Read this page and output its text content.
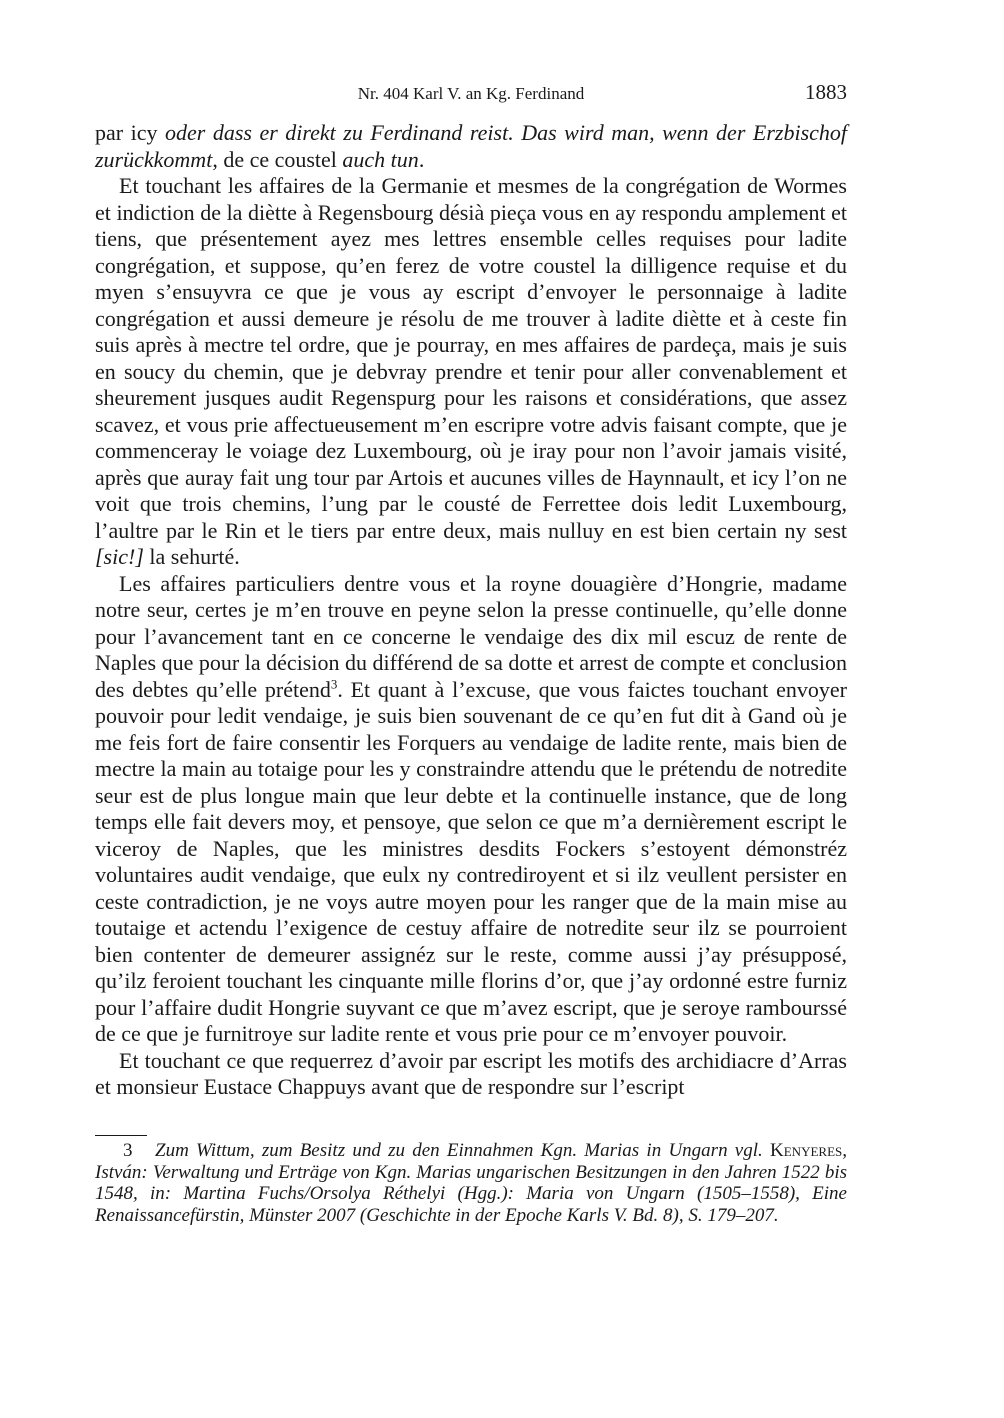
Nr. 404 Karl V. an Kg. Ferdinand	1883

par icy oder dass er direkt zu Ferdinand reist. Das wird man, wenn der Erzbischof zurückkommt, de ce coustel auch tun.

Et touchant les affaires de la Germanie et mesmes de la congrégation de Wormes et indiction de la diètte à Regensbourg désià pieça vous en ay respondu amplement et tiens, que présentement ayez mes lettres ensemble celles requises pour ladite congrégation, et suppose, qu’en ferez de votre coustel la dilligence requise et du myen s’ensuyvra ce que je vous ay escript d’envoyer le personnaige à ladite congrégation et aussi demeure je résolu de me trouver à ladite diètte et à ceste fin suis après à mectre tel ordre, que je pourray, en mes affaires de pardeça, mais je suis en soucy du chemin, que je debvray prendre et tenir pour aller convenablement et sheurement jusques audit Regenspurg pour les raisons et considérations, que assez scavez, et vous prie affectueusement m’en escripre votre advis faisant compte, que je commenceray le voiage dez Luxembourg, où je iray pour non l’avoir jamais visité, après que auray fait ung tour par Artois et aucunes villes de Haynnault, et icy l’on ne voit que trois chemins, l’ung par le cousté de Ferrettee dois ledit Luxembourg, l’aultre par le Rin et le tiers par entre deux, mais nulluy en est bien certain ny sest [sic!] la sehurté.

Les affaires particuliers dentre vous et la royne douagière d’Hongrie, madame notre seur, certes je m’en trouve en peyne selon la presse continuelle, qu’elle donne pour l’avancement tant en ce concerne le vendaige des dix mil escuz de rente de Naples que pour la décision du différend de sa dotte et arrest de compte et conclusion des debtes qu’elle prétend$^3$. Et quant à l’excuse, que vous faictes touchant envoyer pouvoir pour ledit vendaige, je suis bien souvenant de ce qu’en fut dit à Gand où je me feis fort de faire consentir les Forquers au vendaige de ladite rente, mais bien de mectre la main au totaige pour les y constraindre attendu que le prétendu de notredite seur est de plus longue main que leur debte et la continuelle instance, que de long temps elle fait devers moy, et pensoye, que selon ce que m’a dernièrement escript le viceroy de Naples, que les ministres desdits Fockers s’estoyent démonstréz voluntaires audit vendaige, que eulx ny contrediroyent et si ilz veullent persister en ceste contradiction, je ne voys autre moyen pour les ranger que de la main mise au toutaige et actendu l’exigence de cestuy affaire de notredite seur ilz se pourroient bien contenter de demeurer assignéz sur le reste, comme aussi j’ay présupposé, qu’ilz feroient touchant les cinquante mille florins d’or, que j’ay ordonné estre furniz pour l’affaire dudit Hongrie suyvant ce que m’avez escript, que je seroye rambourssé de ce que je furnitroye sur ladite rente et vous prie pour ce m’envoyer pouvoir.

Et touchant ce que requerrez d’avoir par escript les motifs des archidiacre d’Arras et monsieur Eustace Chappuys avant que de respondre sur l’escript

3 Zum Wittum, zum Besitz und zu den Einnahmen Kgn. Marias in Ungarn vgl. Kenyeres, István: Verwaltung und Erträge von Kgn. Marias ungarischen Besitzungen in den Jahren 1522 bis 1548, in: Martina Fuchs/Orsolya Réthelyi (Hgg.): Maria von Ungarn (1505–1558), Eine Renaissancefürstin, Münster 2007 (Geschichte in der Epoche Karls V. Bd. 8), S. 179–207.
